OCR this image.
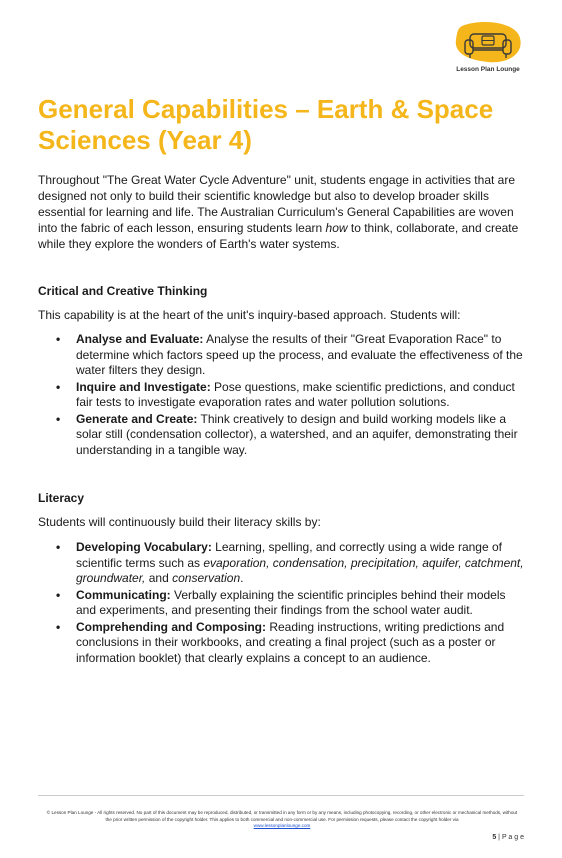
Lesson Plan Lounge
General Capabilities – Earth & Space Sciences (Year 4)

Throughout "The Great Water Cycle Adventure" unit, students engage in activities that are designed not only to build their scientific knowledge but also to develop broader skills essential for learning and life. The Australian Curriculum's General Capabilities are woven into the fabric of each lesson, ensuring students learn how to think, collaborate, and create while they explore the wonders of Earth's water systems.

Critical and Creative Thinking

This capability is at the heart of the unit's inquiry-based approach. Students will:

• Analyse and Evaluate: Analyse the results of their "Great Evaporation Race" to determine which factors speed up the process, and evaluate the effectiveness of the water filters they design.
• Inquire and Investigate: Pose questions, make scientific predictions, and conduct fair tests to investigate evaporation rates and water pollution solutions.
• Generate and Create: Think creatively to design and build working models like a solar still (condensation collector), a watershed, and an aquifer, demonstrating their understanding in a tangible way.

Literacy

Students will continuously build their literacy skills by:

• Developing Vocabulary: Learning, spelling, and correctly using a wide range of scientific terms such as evaporation, condensation, precipitation, aquifer, catchment, groundwater, and conservation.
• Communicating: Verbally explaining the scientific principles behind their models and experiments, and presenting their findings from the school water audit.
• Comprehending and Composing: Reading instructions, writing predictions and conclusions in their workbooks, and creating a final project (such as a poster or information booklet) that clearly explains a concept to an audience.

© Lesson Plan Lounge - All rights reserved. No part of this document may be reproduced, distributed, or transmitted in any form or by any means, including photocopying, recording, or other electronic or mechanical methods, without the prior written permission of the copyright holder. This applies to both commercial and non-commercial use. For permission requests, please contact the copyright holder via
www.lessonplanlounge.com

5 | P a g e
